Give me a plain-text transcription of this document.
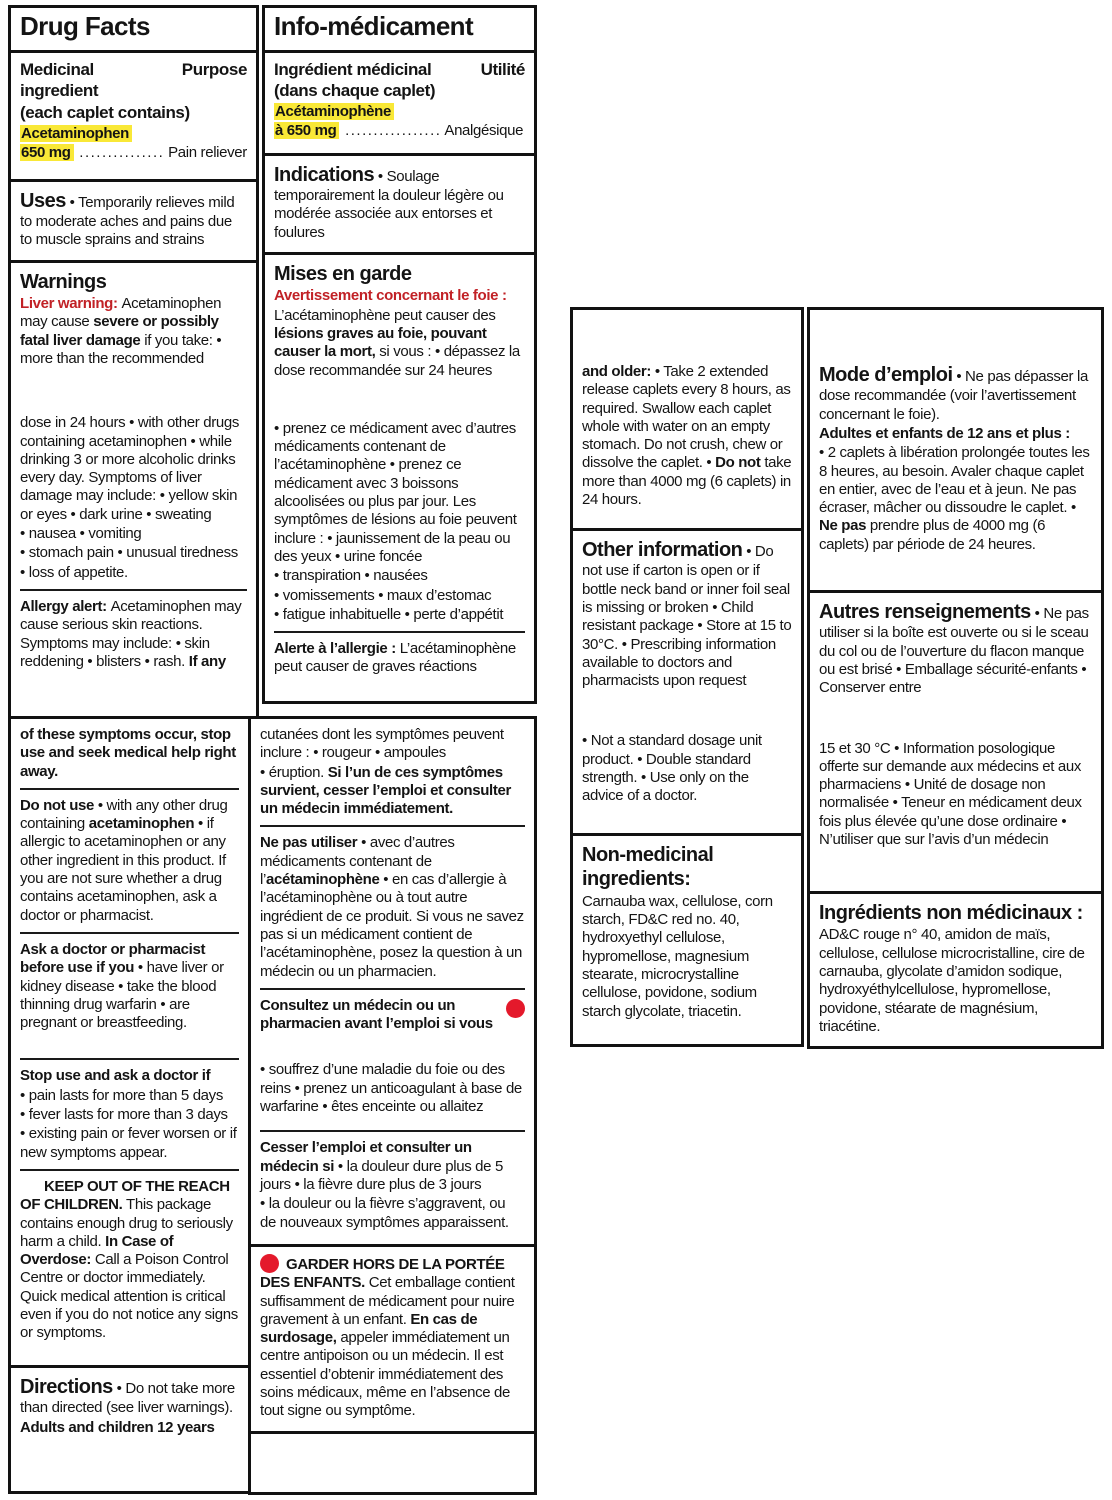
Drug Facts

Medicinal	Purpose

ingredient

(each caplet contains)

Acetaminophen

650 mg ............... Pain reliever

Uses • Temporarily relieves mild to moderate aches and pains due to muscle sprains and strains

Warnings

Liver warning: Acetaminophen may cause severe or possibly fatal liver damage if you take: • more than the recommended

dose in 24 hours • with other drugs containing acetaminophen • while drinking 3 or more alcoholic drinks every day. Symptoms of liver damage may include: • yellow skin or eyes • dark urine • sweating

• nausea • vomiting

• stomach pain • unusual tiredness

• loss of appetite.

Allergy alert: Acetaminophen may cause serious skin reactions. Symptoms may include: • skin reddening • blisters • rash. If any

Info-médicament

Ingrédient médicinal	Utilité

(dans chaque caplet)

Acétaminophène

à 650 mg ................. Analgésique

Indications • Soulage temporairement la douleur légère ou modérée associée aux entorses et foulures

Mises en garde

Avertissement concernant le foie :

L’acétaminophène peut causer des lésions graves au foie, pouvant causer la mort, si vous : • dépassez la dose recommandée sur 24 heures

• prenez ce médicament avec d’autres médicaments contenant de l’acétaminophène • prenez ce médicament avec 3 boissons alcoolisées ou plus par jour. Les symptômes de lésions au foie peuvent inclure : • jaunissement de la peau ou des yeux • urine foncée

• transpiration • nausées

• vomissements • maux d’estomac

• fatigue inhabituelle • perte d’appétit

Alerte à l’allergie : L’acétaminophène peut causer de graves réactions

of these symptoms occur, stop use and seek medical help right away.

Do not use • with any other drug containing acetaminophen • if allergic to acetaminophen or any other ingredient in this product. If you are not sure whether a drug contains acetaminophen, ask a doctor or pharmacist.

Ask a doctor or pharmacist before use if you • have liver or kidney disease • take the blood thinning drug warfarin • are pregnant or breastfeeding.

Stop use and ask a doctor if

• pain lasts for more than 5 days

• fever lasts for more than 3 days

• existing pain or fever worsen or if new symptoms appear.

KEEP OUT OF THE REACH OF CHILDREN. This package contains enough drug to seriously harm a child. In Case of Overdose: Call a Poison Control Centre or doctor immediately. Quick medical attention is critical even if you do not notice any signs or symptoms.

Directions • Do not take more than directed (see liver warnings).

Adults and children 12 years

cutanées dont les symptômes peuvent inclure : • rougeur • ampoules

• éruption. Si l’un de ces symptômes survient, cesser l’emploi et consulter un médecin immédiatement.

Ne pas utiliser • avec d’autres médicaments contenant de l’acétaminophène • en cas d’allergie à l’acétaminophène ou à tout autre ingrédient de ce produit. Si vous ne savez pas si un médicament contient de l’acétaminophène, posez la question à un médecin ou un pharmacien.

Consultez un médecin ou un pharmacien avant l’emploi si vous

• souffrez d’une maladie du foie ou des reins • prenez un anticoagulant à base de warfarine • êtes enceinte ou allaitez

Cesser l’emploi et consulter un médecin si • la douleur dure plus de 5 jours • la fièvre dure plus de 3 jours

• la douleur ou la fièvre s’aggravent, ou de nouveaux symptômes apparaissent.

GARDER HORS DE LA PORTÉE DES ENFANTS. Cet emballage contient suffisamment de médicament pour nuire gravement à un enfant. En cas de surdosage, appeler immédiatement un centre antipoison ou un médecin. Il est essentiel d’obtenir immédiatement des soins médicaux, même en l’absence de tout signe ou symptôme.

and older: • Take 2 extended release caplets every 8 hours, as required. Swallow each caplet whole with water on an empty stomach. Do not crush, chew or dissolve the caplet. • Do not take more than 4000 mg (6 caplets) in 24 hours.

Other information • Do not use if carton is open or if bottle neck band or inner foil seal is missing or broken • Child resistant package • Store at 15 to 30°C. • Prescribing information available to doctors and pharmacists upon request

• Not a standard dosage unit product. • Double standard strength. • Use only on the advice of a doctor.

Non-medicinal ingredients:

Carnauba wax, cellulose, corn starch, FD&C red no. 40, hydroxyethyl cellulose, hypromellose, magnesium stearate, microcrystalline cellulose, povidone, sodium starch glycolate, triacetin.

Mode d’emploi • Ne pas dépasser la dose recommandée (voir l’avertissement concernant le foie).

Adultes et enfants de 12 ans et plus :

• 2 caplets à libération prolongée toutes les 8 heures, au besoin. Avaler chaque caplet en entier, avec de l’eau et à jeun. Ne pas écraser, mâcher ou dissoudre le caplet. • Ne pas prendre plus de 4000 mg (6 caplets) par période de 24 heures.

Autres renseignements • Ne pas utiliser si la boîte est ouverte ou si le sceau du col ou de l’ouverture du flacon manque ou est brisé • Emballage sécurité-enfants • Conserver entre

15 et 30 °C • Information posologique offerte sur demande aux médecins et aux pharmaciens • Unité de dosage non normalisée • Teneur en médicament deux fois plus élevée qu’une dose ordinaire • N’utiliser que sur l’avis d’un médecin

Ingrédients non médicinaux :

AD&C rouge n° 40, amidon de maïs, cellulose, cellulose microcristalline, cire de carnauba, glycolate d’amidon sodique, hydroxyéthylcellulose, hypromellose, povidone, stéarate de magnésium, triacétine.
